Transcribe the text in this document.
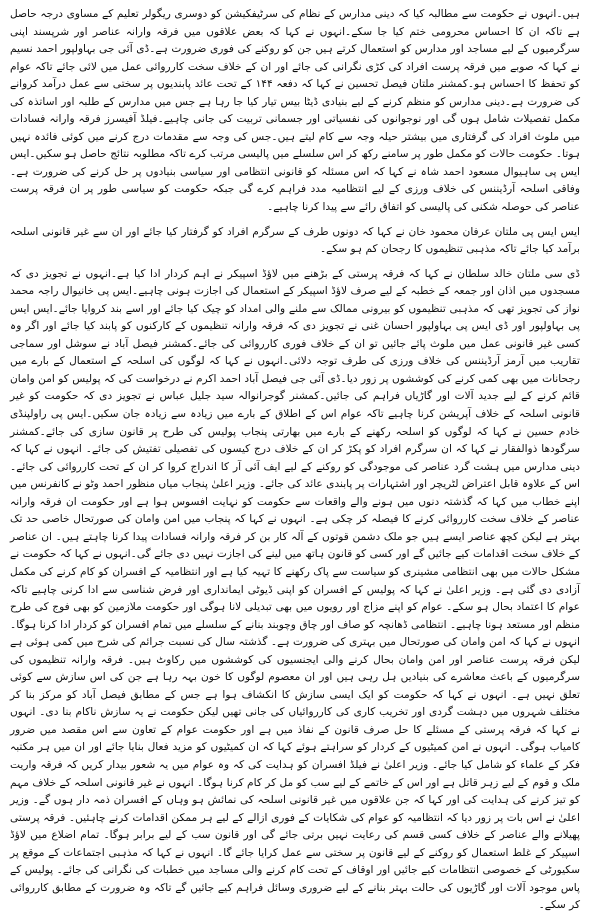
ہیں۔انہوں نے حکومت سے مطالبہ کیا کہ دینی مدارس کے نظام کی سرٹیفکیشن کو دوسری ریگولر تعلیم کے مساوی درجہ حاصل ہے تاکہ ان کا احساس محرومی ختم کیا جا سکے۔انہوں نے کہا کہ بعض علاقوں میں فرقہ وارانہ عناصر اور شرپسند اپنی سرگرمیوں کے لیے مساجد اور مدارس کو استعمال کرتے ہیں جن کو روکنے کی فوری ضرورت ہے۔ڈی آئی جی بہاولپور احمد نسیم نے کہا کہ صوبے میں فرقہ پرست افراد کی کڑی نگرانی کی جائے اور ان کے خلاف سخت کارروائی عمل میں لائی جائے تاکہ عوام کو تحفظ کا احساس ہو۔کمشنر ملتان فیصل تحسین نے کہا کہ دفعہ ۱۴۴ کے تحت عائد پابندیوں پر سختی سے عمل درآمد کروانے کی ضرورت ہے۔دینی مدارس کو منظم کرنے کے لیے بنیادی ڈیٹا بیس تیار کیا جا رہا ہے جس میں مدارس کے طلبہ اور اساتذہ کی مکمل تفصیلات شامل ہوں گی اور نوجوانوں کی نفسیاتی اور جسمانی تربیت کی جانی چاہیے۔فیلڈ آفیسرز فرقہ وارانہ فسادات میں ملوث افراد کی گرفتاری میں بیشتر حیلہ وجہ سے کام لیتے ہیں۔جس کی وجہ سے مقدمات درج کرنے میں کوئی فائدہ نہیں ہوتا۔ حکومت حالات کو مکمل طور پر سامنے رکھ کر اس سلسلے میں پالیسی مرتب کرے تاکہ مطلوبہ نتائج حاصل ہو سکیں۔ایس ایس پی ساہیوال مسعود احمد شاہ نے کہا کہ اس مسئلہ کو قانونی انتظامی اور سیاسی بنیادوں پر حل کرنے کی ضرورت ہے۔وفاقی اسلحہ آرڈیننس کی خلاف ورزی کے لیے انتظامیہ مدد فراہم کرے گی جبکہ حکومت کو سیاسی طور پر ان فرقہ پرست عناصر کی حوصلہ شکنی کی پالیسی کو اتفاق رائے سے پیدا کرنا چاہیے۔

ایس ایس پی ملتان عرفان محمود خان نے کہا کہ دونوں طرف کے سرگرم افراد کو گرفتار کیا جائے اور ان سے غیر قانونی اسلحہ برآمد کیا جائے تاکہ مذہبی تنظیموں کا رجحان کم ہو سکے۔

ڈی سی ملتان خالد سلطان نے کہا کہ فرقہ پرستی کے بڑھنے میں لاؤڈ اسپیکر نے اہم کردار ادا کیا ہے۔انہوں نے تجویز دی کہ مسجدوں میں اذان اور جمعہ کے خطبہ کے لیے صرف لاؤڈ اسپیکر کے استعمال کی اجازت ہونی چاہیے۔ایس پی خانیوال راجہ محمد نواز کی تجویز تھی کہ مذہبی تنظیموں کو بیرونی ممالک سے ملنے والی امداد کو چیک کیا جائے اور اسے بند کروایا جائے۔ایس ایس پی بہاولپور اور ڈی ایس پی بہاولپور احسان غنی نے تجویز دی کہ فرقہ وارانہ تنظیموں کے کارکنوں کو پابند کیا جائے اور اگر وہ کسی غیر قانونی عمل میں ملوث پائے جائیں تو ان کے خلاف فوری کارروائی کی جائے۔کمشنر فیصل آباد نے سوشل اور سماجی تقاریب میں آرمز آرڈیننس کی خلاف ورزی کی طرف توجہ دلائی۔انہوں نے کہا کہ لوگوں کی اسلحہ کے استعمال کے بارے میں رجحانات میں بھی کمی کرنے کی کوششوں پر زور دیا۔ڈی آئی جی فیصل آباد احمد اکرم نے درخواست کی کہ پولیس کو امن وامان قائم کرنے کے لیے جدید آلات اور گاڑیاں فراہم کی جائیں۔کمشنر گوجرانوالہ سید جلیل عباس نے تجویز دی کہ حکومت کو غیر قانونی اسلحہ کے خلاف آپریشن کرنا چاہیے تاکہ عوام اس کے اطلاق کے بارے میں زیادہ سے زیادہ جان سکیں۔ایس پی راولپنڈی خادم حسین نے کہا کہ لوگوں کو اسلحہ رکھنے کے بارے میں بھارتی پنجاب پولیس کی طرح پر قانون سازی کی جائے۔کمشنر سرگودھا ذوالفقار نے کہا کہ ان سرگرم افراد کو پکڑ کر ان کے خلاف درج کیسوں کی تفصیلی تفتیش کی جائے۔ انہوں نے کہا کہ دینی مدارس میں ہشت گرد عناصر کی موجودگی کو روکنے کے لیے ایف آئی آر کا اندراج کروا کر ان کے تحت کارروائی کی جائے۔اس کے علاوہ قابل اعتراض لٹریچر اور اشتہارات پر پابندی عائد کی جائے۔ وزیر اعلیٰ پنجاب میاں منظور احمد وٹو نے کانفرنس میں اپنے خطاب میں کہا کہ گذشتہ دنوں میں ہونے والے واقعات سے حکومت کو نہایت افسوس ہوا ہے اور حکومت ان فرقہ وارانہ عناصر کے خلاف سخت کارروائی کرنے کا فیصلہ کر چکی ہے۔ انہوں نے کہا کہ پنجاب میں امن وامان کی صورتحال خاصی حد تک بہتر ہے لیکن کچھ عناصر ایسے ہیں جو ملک دشمن قوتوں کے آلہ کار بن کر فرقہ وارانہ فسادات پیدا کرنا چاہتے ہیں۔ ان عناصر کے خلاف سخت اقدامات کیے جائیں گے اور کسی کو قانون ہاتھ میں لینے کی اجازت نہیں دی جائے گی۔انہوں نے کہا کہ حکومت نے مشکل حالات میں بھی انتظامی مشینری کو سیاست سے پاک رکھنے کا تہیہ کیا ہے اور انتظامیہ کے افسران کو کام کرنے کی مکمل آزادی دی گئی ہے۔ وزیر اعلیٰ نے کہا کہ پولیس کے افسران کو اپنی ڈیوٹی ایمانداری اور فرض شناسی سے ادا کرنی چاہیے تاکہ عوام کا اعتماد بحال ہو سکے۔ عوام کو اپنے مزاج اور رویوں میں بھی تبدیلی لانا ہوگی اور حکومت ملازمین کو بھی فوج کی طرح منظم اور مستعد ہونا چاہیے۔ انتظامی ڈھانچہ کو صاف اور چاق وچوبند بنانے کے سلسلے میں تمام افسران کو کردار ادا کرنا ہوگا۔انہوں نے کہا کہ امن وامان کی صورتحال میں بہتری کی ضرورت ہے۔ گذشتہ سال کی نسبت جرائم کی شرح میں کمی ہوئی ہے لیکن فرقہ پرست عناصر اور امن وامان بحال کرنے والی ایجنسیوں کی کوششوں میں رکاوٹ ہیں۔ فرقہ وارانہ تنظیموں کی سرگرمیوں کے باعث معاشرے کی بنیادیں ہل رہی ہیں اور ان معصوم لوگوں کا خون بہہ رہا ہے جن کی اس سازش سے کوئی تعلق نہیں ہے۔ انہوں نے کہا کہ حکومت کو ایک ایسی سازش کا انکشاف ہوا ہے جس کے مطابق فیصل آباد کو مرکز بنا کر مختلف شہروں میں دہشت گردی اور تخریب کاری کی کارروائیاں کی جانی تھیں لیکن حکومت نے یہ سازش ناکام بنا دی۔ انہوں نے کہا کہ فرقہ پرستی کے مسئلے کا حل صرف قانون کے نفاذ میں ہے اور حکومت عوام کے تعاون سے اس مقصد میں ضرور کامیاب ہوگی۔ انہوں نے امن کمیٹیوں کے کردار کو سراہتے ہوئے کہا کہ ان کمیٹیوں کو مزید فعال بنایا جائے اور ان میں ہر مکتبہ فکر کے علماء کو شامل کیا جائے۔ وزیر اعلیٰ نے فیلڈ افسران کو ہدایت کی کہ وہ عوام میں یہ شعور بیدار کریں کہ فرقہ واریت ملک و قوم کے لیے زہر قاتل ہے اور اس کے خاتمے کے لیے سب کو مل کر کام کرنا ہوگا۔ انہوں نے غیر قانونی اسلحہ کے خلاف مہم کو تیز کرنے کی ہدایت کی اور کہا کہ جن علاقوں میں غیر قانونی اسلحہ کی نمائش ہو وہاں کے افسران ذمہ دار ہوں گے۔ وزیر اعلیٰ نے اس بات پر زور دیا کہ انتظامیہ کو عوام کی شکایات کے فوری ازالے کے لیے ہر ممکن اقدامات کرنے چاہئیں۔ فرقہ پرستی پھیلانے والے عناصر کے خلاف کسی قسم کی رعایت نہیں برتی جائے گی اور قانون سب کے لیے برابر ہوگا۔ تمام اضلاع میں لاؤڈ اسپیکر کے غلط استعمال کو روکنے کے لیے قانون پر سختی سے عمل کرایا جائے گا۔ انہوں نے کہا کہ مذہبی اجتماعات کے موقع پر سکیورٹی کے خصوصی انتظامات کیے جائیں اور اوقاف کے تحت کام کرنے والی مساجد میں خطبات کی نگرانی کی جائے۔ پولیس کے پاس موجود آلات اور گاڑیوں کی حالت بہتر بنانے کے لیے ضروری وسائل فراہم کیے جائیں گے تاکہ وہ ضرورت کے مطابق کارروائی کر سکے۔
